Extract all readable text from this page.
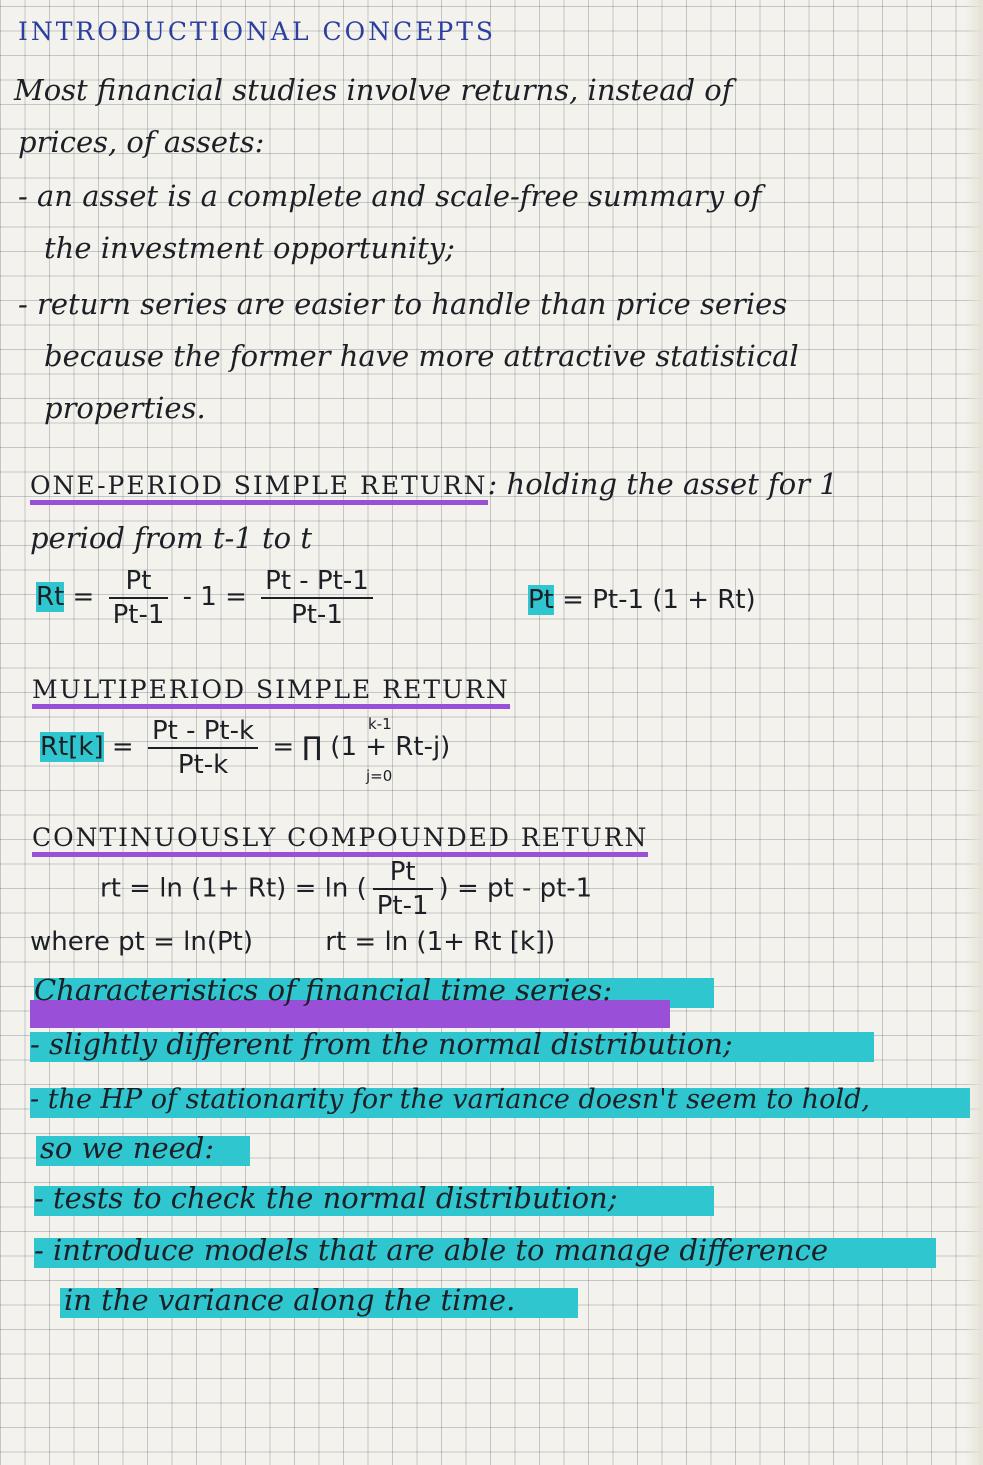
INTRODUCTIONAL CONCEPTS
Most financial studies involve returns, instead of
prices, of assets:
- an asset is a complete and scale-free summary of
the investment opportunity;
- return series are easier to handle than price series
because the former have more attractive statistical
properties.
ONE-PERIOD SIMPLE RETURN: holding the asset for 1
period from t-1 to t
$Rt = \frac{Pt}{Pt-1} - 1 = \frac{Pt - Pt-1}{Pt-1}$	Pt = Pt-1 (1 + Rt)
MULTIPERIOD SIMPLE RETURN
$Rt[k] = \frac{Pt - Pt-k}{Pt-k}$ = ∏ (1 + Rt-j)
k-1
j=0
CONTINUOUSLY COMPOUNDED RETURN
rt = ln (1+ Rt) = ln ( $\frac{Pt}{Pt-1}$ ) = pt - pt-1
where pt = ln(Pt)	rt = ln (1+ Rt [k])
Characteristics of financial time series:
- slightly different from the normal distribution;
- the HP of stationarity for the variance doesn't seem to hold,
so we need:
- tests to check the normal distribution;
- introduce models that are able to manage difference
in the variance along the time.
